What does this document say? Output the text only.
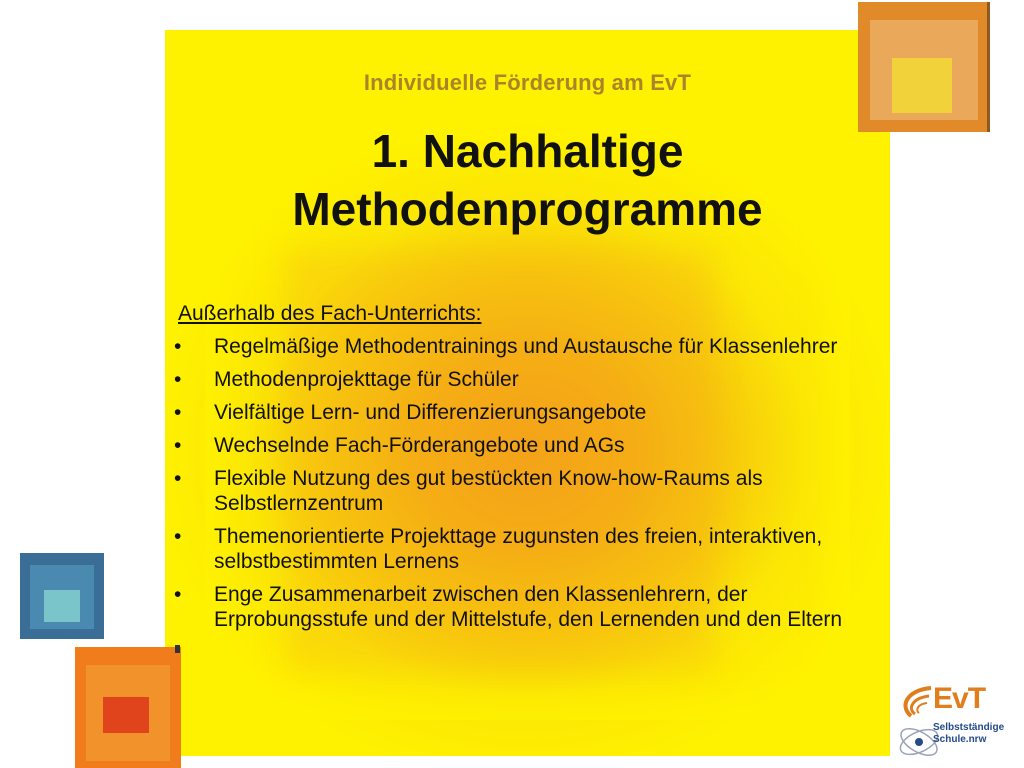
Individuelle Förderung am EvT
1. Nachhaltige
Methodenprogramme
Außerhalb des Fach-Unterrichts:
• Regelmäßige Methodentrainings und Austausche für Klassenlehrer
• Methodenprojekttage für Schüler
• Vielfältige Lern- und Differenzierungsangebote
• Wechselnde Fach-Förderangebote und AGs
• Flexible Nutzung des gut bestückten Know-how-Raums als Selbstlernzentrum
• Themenorientierte Projekttage zugunsten des freien, interaktiven, selbstbestimmten Lernens
• Enge Zusammenarbeit zwischen den Klassenlehrern, der Erprobungsstufe und der Mittelstufe, den Lernenden und den Eltern
EvT
Selbstständige
Schule.nrw
